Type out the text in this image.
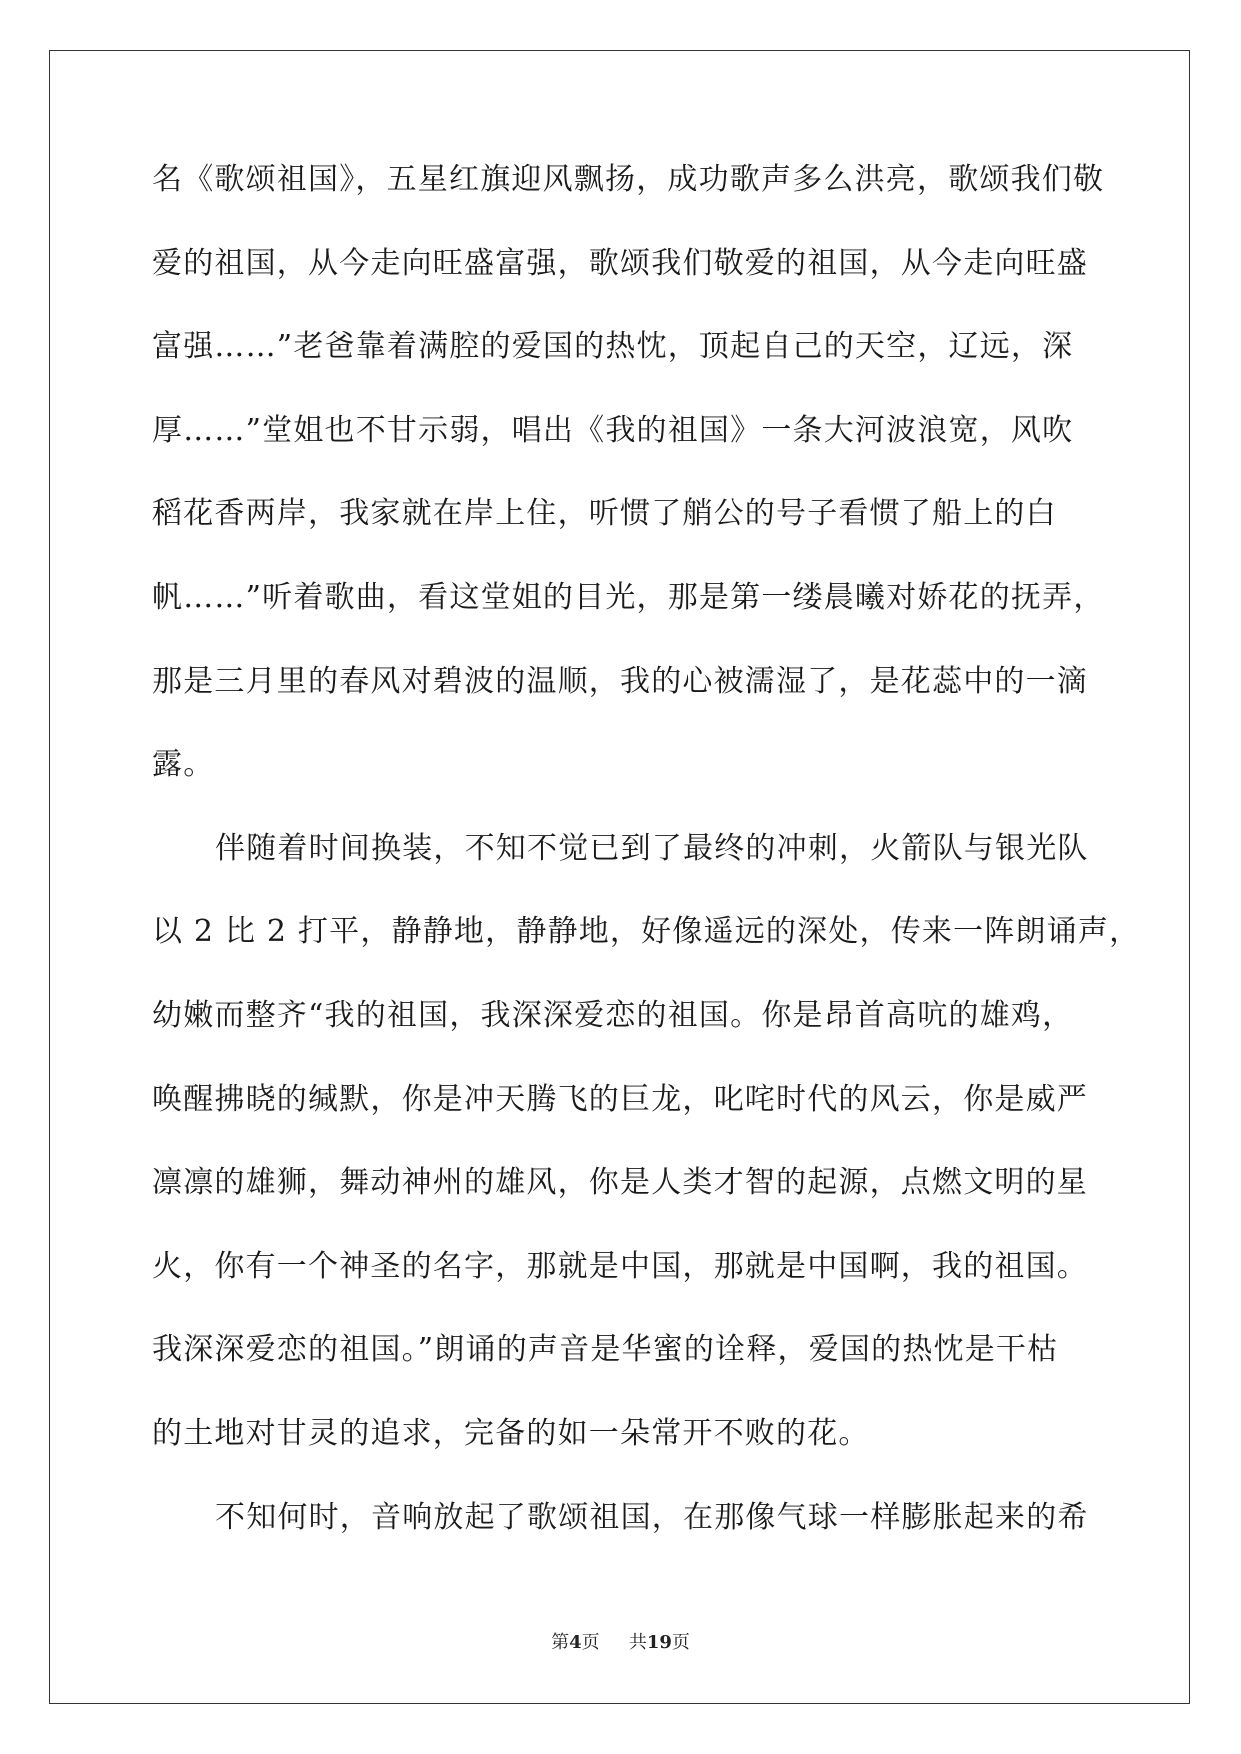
名《歌颂祖国》，五星红旗迎风飘扬，成功歌声多么洪亮，歌颂我们敬
爱的祖国，从今走向旺盛富强，歌颂我们敬爱的祖国，从今走向旺盛
富强……”老爸靠着满腔的爱国的热忱，顶起自己的天空，辽远，深
厚……”堂姐也不甘示弱，唱出《我的祖国》一条大河波浪宽，风吹
稻花香两岸，我家就在岸上住，听惯了艄公的号子看惯了船上的白
帆……”听着歌曲，看这堂姐的目光，那是第一缕晨曦对娇花的抚弄，
那是三月里的春风对碧波的温顺，我的心被濡湿了，是花蕊中的一滴
露。
伴随着时间换装，不知不觉已到了最终的冲刺，火箭队与银光队
以 2 比 2 打平，静静地，静静地，好像遥远的深处，传来一阵朗诵声，
幼嫩而整齐“我的祖国，我深深爱恋的祖国。你是昂首高吭的雄鸡，
唤醒拂晓的缄默，你是冲天腾飞的巨龙，叱咤时代的风云，你是威严
凛凛的雄狮，舞动神州的雄风，你是人类才智的起源，点燃文明的星
火，你有一个神圣的名字，那就是中国，那就是中国啊，我的祖国。
我深深爱恋的祖国。”朗诵的声音是华蜜的诠释，爱国的热忱是干枯
的土地对甘灵的追求，完备的如一朵常开不败的花。
不知何时，音响放起了歌颂祖国，在那像气球一样膨胀起来的希
第4页 共19页
